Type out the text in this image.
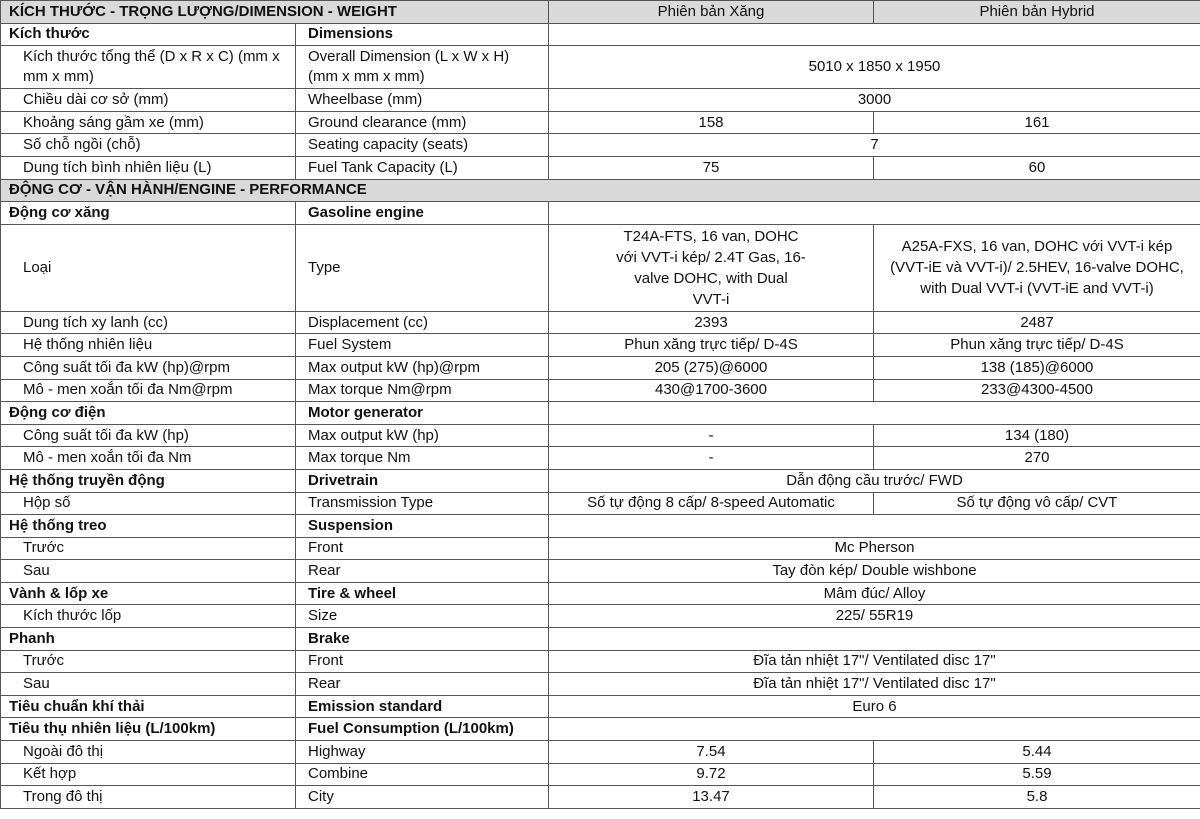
KÍCH THƯỚC - TRỌNG LƯỢNG/DIMENSION - WEIGHT		Phiên bản Xăng	Phiên bản Hybrid
Kích thước	Dimensions		
Kích thước tổng thể (D x R x C) (mm x mm x mm)	Overall Dimension (L x W x H) (mm x mm x mm)	5010 x 1850 x 1950	
Chiều dài cơ sở (mm)	Wheelbase (mm)	3000	
Khoảng sáng gầm xe (mm)	Ground clearance (mm)	158	161
Số chỗ ngồi (chỗ)	Seating capacity (seats)	7	
Dung tích bình nhiên liệu (L)	Fuel Tank Capacity (L)	75	60
ĐỘNG CƠ - VẬN HÀNH/ENGINE - PERFORMANCE			
Động cơ xăng	Gasoline engine		
Loại	Type	T24A-FTS, 16 van, DOHC với VVT-i kép/ 2.4T Gas, 16-valve DOHC, with Dual VVT-i	A25A-FXS, 16 van, DOHC với VVT-i kép (VVT-iE và VVT-i)/ 2.5HEV, 16-valve DOHC, with Dual VVT-i (VVT-iE and VVT-i)

Dung tích xy lanh (cc)	Displacement (cc)	2393	2487
Hệ thống nhiên liệu	Fuel System	Phun xăng trực tiếp/ D-4S	Phun xăng trực tiếp/ D-4S
Công suất tối đa kW (hp)@rpm	Max output kW (hp)@rpm	205 (275)@6000	138 (185)@6000
Mô - men xoắn tối đa Nm@rpm	Max torque Nm@rpm	430@1700-3600	233@4300-4500
Động cơ điện	Motor generator		
Công suất tối đa kW (hp)	Max output kW (hp)	-	134 (180)
Mô - men xoắn tối đa Nm	Max torque Nm	-	270
Hệ thống truyền động	Drivetrain	Dẫn động cầu trước/ FWD	
Hộp số	Transmission Type	Số tự động 8 cấp/ 8-speed Automatic	Số tự động vô cấp/ CVT
Hệ thống treo	Suspension		
Trước	Front	Mc Pherson	
Sau	Rear	Tay đòn kép/ Double wishbone	
Vành & lốp xe	Tire & wheel	Mâm đúc/ Alloy	
Kích thước lốp	Size	225/ 55R19	
Phanh	Brake		
Trước	Front	Đĩa tản nhiệt 17"/ Ventilated disc 17"	
Sau	Rear	Đĩa tản nhiệt 17"/ Ventilated disc 17"	
Tiêu chuẩn khí thải	Emission standard	Euro 6	
Tiêu thụ nhiên liệu (L/100km)	Fuel Consumption (L/100km)		
Ngoài đô thị	Highway	7.54	5.44
Kết hợp	Combine	9.72	5.59
Trong đô thị	City	13.47	5.8
